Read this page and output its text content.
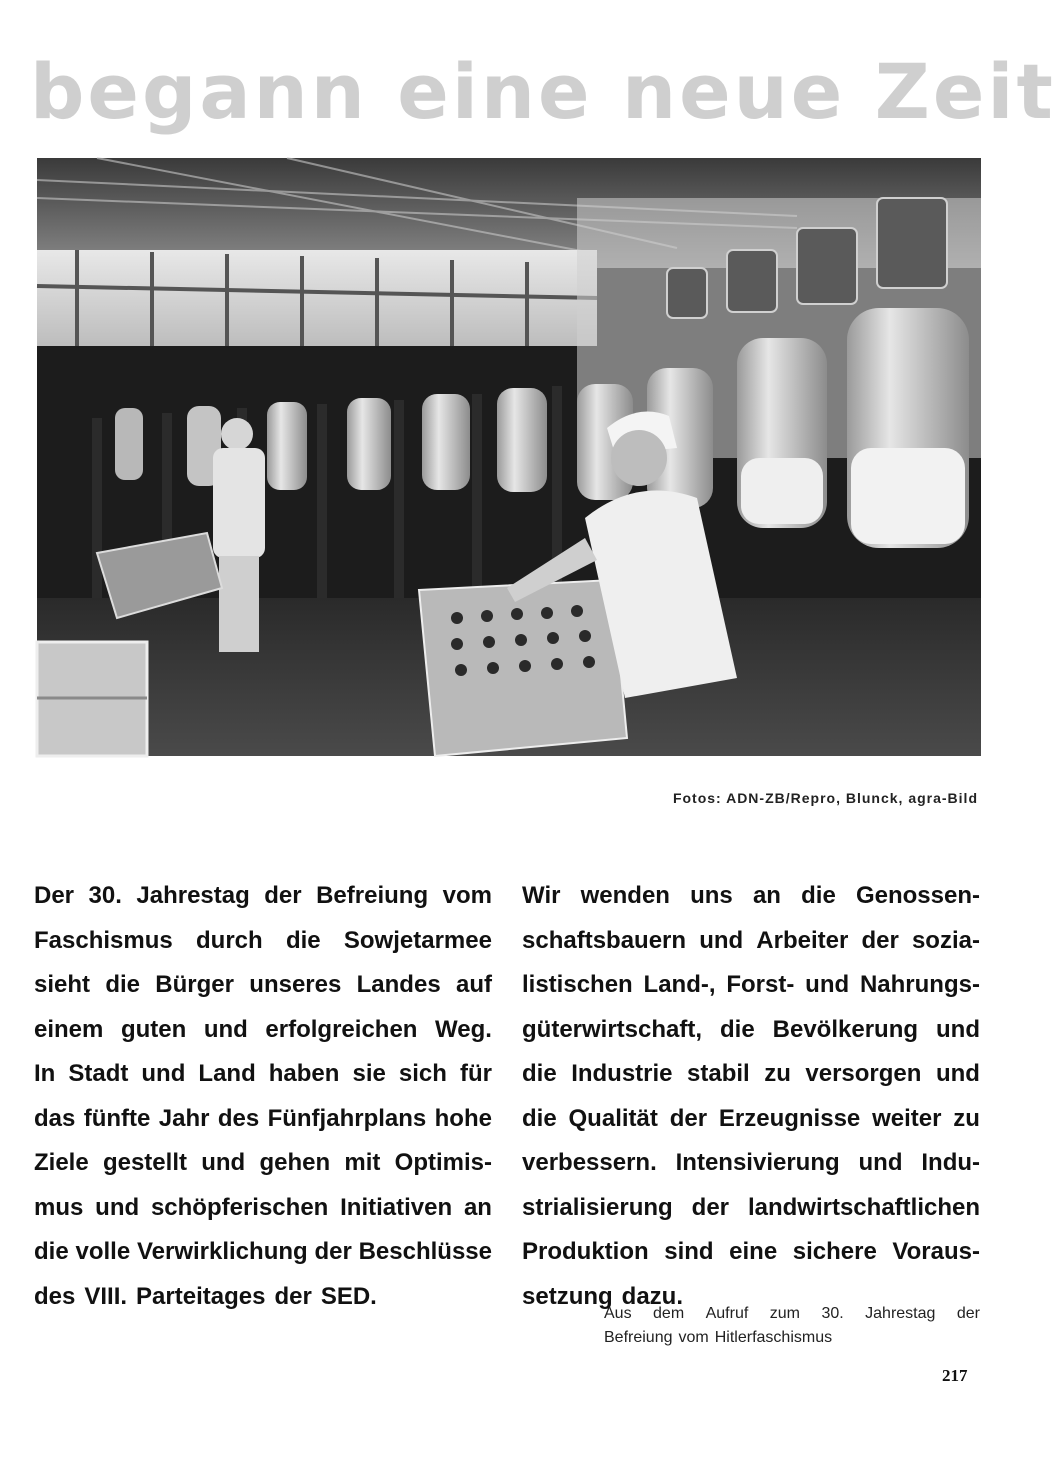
begann eine neue Zeit
Fotos: ADN-ZB/Repro, Blunck, agra-Bild
Der 30. Jahrestag der Befreiung vom
Faschismus durch die Sowjetarmee
sieht die Bürger unseres Landes auf
einem guten und erfolgreichen Weg.
In Stadt und Land haben sie sich für
das fünfte Jahr des Fünfjahrplans hohe
Ziele gestellt und gehen mit Optimis-
mus und schöpferischen Initiativen an
die volle Verwirklichung der Beschlüsse
des VIII. Parteitages der SED.
Wir wenden uns an die Genossen-
schaftsbauern und Arbeiter der sozia-
listischen Land-, Forst- und Nahrungs-
güterwirtschaft, die Bevölkerung und
die Industrie stabil zu versorgen und
die Qualität der Erzeugnisse weiter zu
verbessern. Intensivierung und Indu-
strialisierung der landwirtschaftlichen
Produktion sind eine sichere Voraus-
setzung dazu.
Aus dem Aufruf zum 30. Jahrestag der
Befreiung vom Hitlerfaschismus
217
